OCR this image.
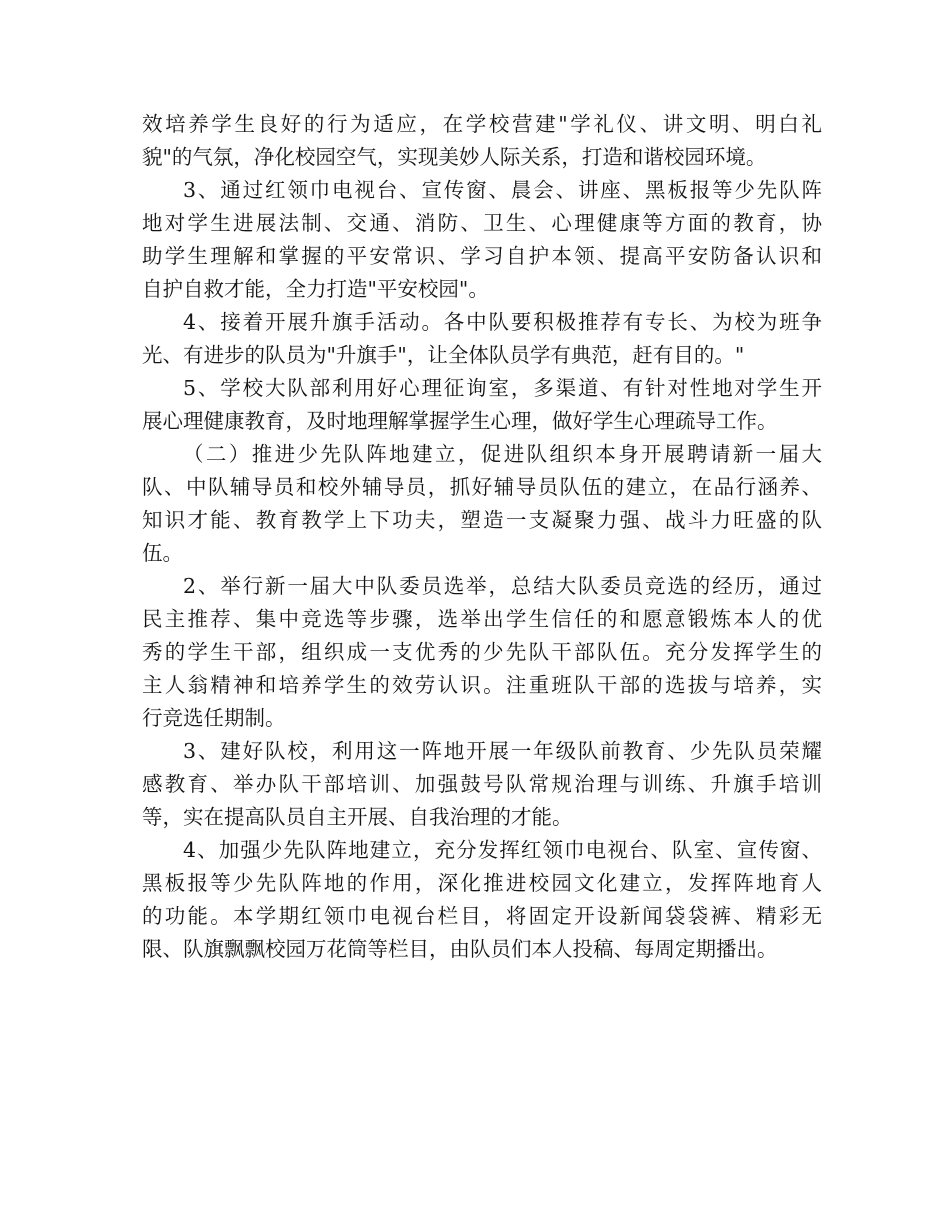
效培养学生良好的行为适应，在学校营建"学礼仪、讲文明、明白礼
貌"的气氛，净化校园空气，实现美妙人际关系，打造和谐校园环境。
3、通过红领巾电视台、宣传窗、晨会、讲座、黑板报等少先队阵
地对学生进展法制、交通、消防、卫生、心理健康等方面的教育，协
助学生理解和掌握的平安常识、学习自护本领、提高平安防备认识和
自护自救才能，全力打造"平安校园"。
4、接着开展升旗手活动。各中队要积极推荐有专长、为校为班争
光、有进步的队员为"升旗手"，让全体队员学有典范，赶有目的。"
5、学校大队部利用好心理征询室，多渠道、有针对性地对学生开
展心理健康教育，及时地理解掌握学生心理，做好学生心理疏导工作。
（二）推进少先队阵地建立，促进队组织本身开展聘请新一届大
队、中队辅导员和校外辅导员，抓好辅导员队伍的建立，在品行涵养、
知识才能、教育教学上下功夫，塑造一支凝聚力强、战斗力旺盛的队
伍。
2、举行新一届大中队委员选举，总结大队委员竞选的经历，通过
民主推荐、集中竞选等步骤，选举出学生信任的和愿意锻炼本人的优
秀的学生干部，组织成一支优秀的少先队干部队伍。充分发挥学生的
主人翁精神和培养学生的效劳认识。注重班队干部的选拔与培养，实
行竞选任期制。
3、建好队校，利用这一阵地开展一年级队前教育、少先队员荣耀
感教育、举办队干部培训、加强鼓号队常规治理与训练、升旗手培训
等，实在提高队员自主开展、自我治理的才能。
4、加强少先队阵地建立，充分发挥红领巾电视台、队室、宣传窗、
黑板报等少先队阵地的作用，深化推进校园文化建立，发挥阵地育人
的功能。本学期红领巾电视台栏目，将固定开设新闻袋袋裤、精彩无
限、队旗飘飘校园万花筒等栏目，由队员们本人投稿、每周定期播出。
